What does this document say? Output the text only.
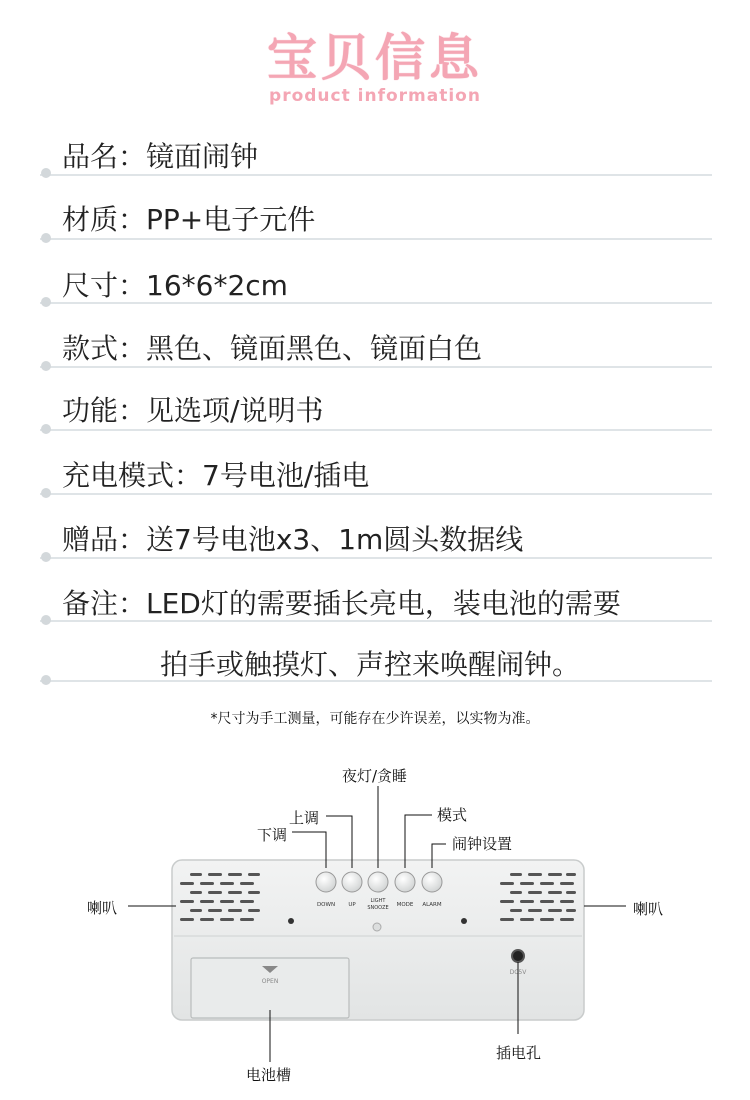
宝贝信息
product information
品名：镜面闹钟
材质：PP+电子元件
尺寸：16*6*2cm
款式：黑色、镜面黑色、镜面白色
功能：见选项/说明书
充电模式：7号电池/插电
赠品：送7号电池x3、1m圆头数据线
备注：LED灯的需要插长亮电，装电池的需要
拍手或触摸灯、声控来唤醒闹钟。
*尺寸为手工测量，可能存在少许误差，以实物为准。
DOWN UP
LIGHT
SNOOZE MODE ALARM
OPEN
DC5V
夜灯/贪睡
上调
下调
模式
闹钟设置
喇叭	喇叭
电池槽
插电孔
